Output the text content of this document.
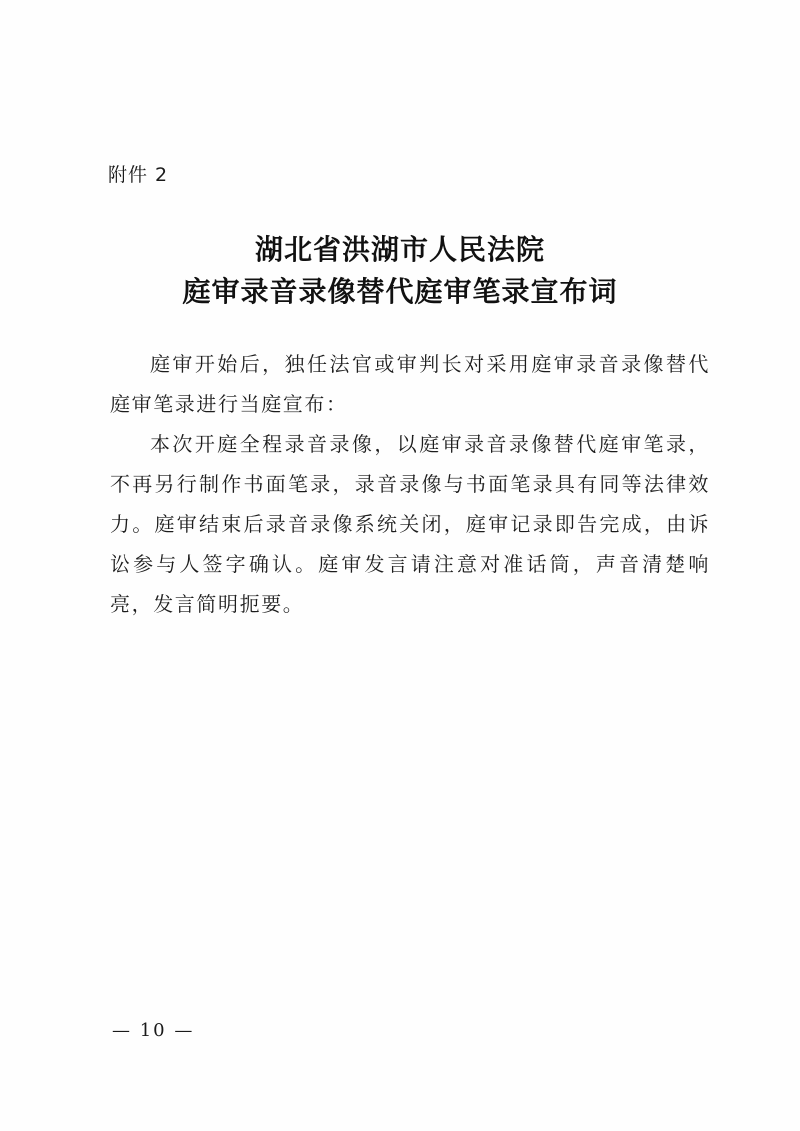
附件 2
湖北省洪湖市人民法院
庭审录音录像替代庭审笔录宣布词

庭审开始后，独任法官或审判长对采用庭审录音录像替代庭审笔录进行当庭宣布：

本次开庭全程录音录像，以庭审录音录像替代庭审笔录，不再另行制作书面笔录，录音录像与书面笔录具有同等法律效力。庭审结束后录音录像系统关闭，庭审记录即告完成，由诉讼参与人签字确认。庭审发言请注意对准话筒，声音清楚响亮，发言简明扼要。

— 10 —
